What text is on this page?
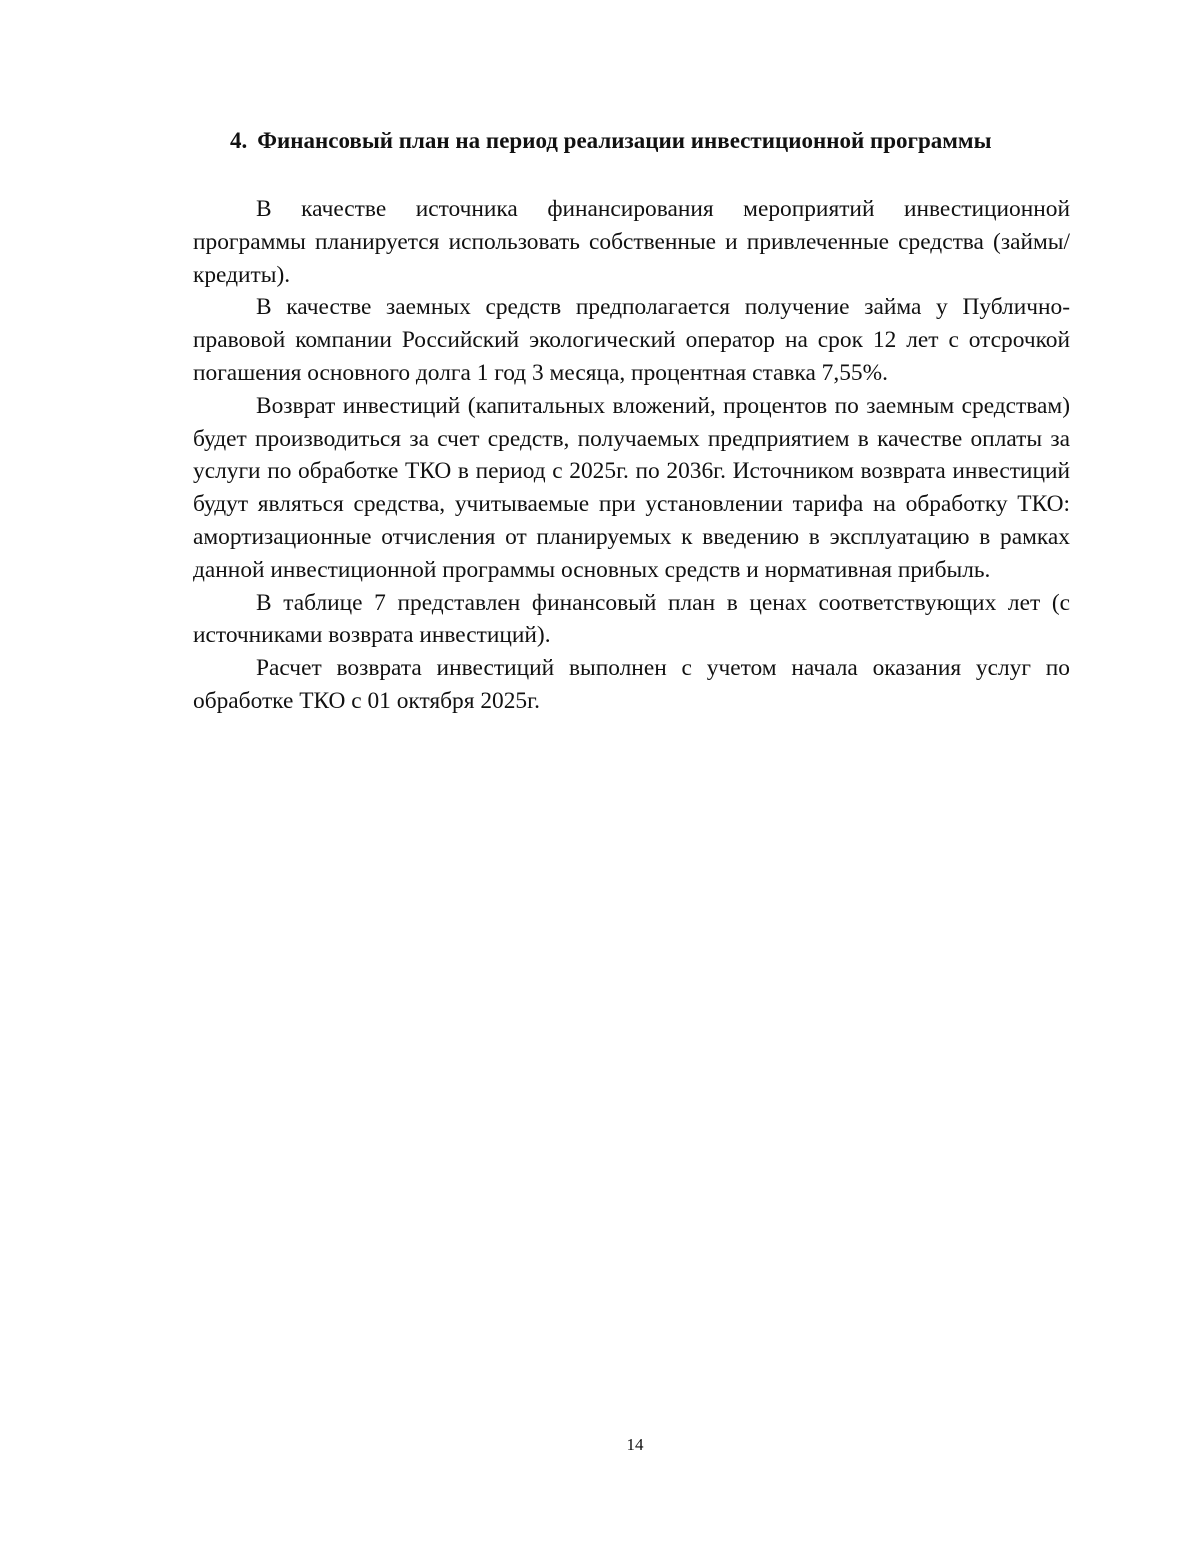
4. Финансовый план на период реализации инвестиционной программы

В качестве источника финансирования мероприятий инвестиционной программы планируется использовать собственные и привлеченные средства (займы/кредиты).

В качестве заемных средств предполагается получение займа у Публично-правовой компании Российский экологический оператор на срок 12 лет с отсрочкой погашения основного долга 1 год 3 месяца, процентная ставка 7,55%.

Возврат инвестиций (капитальных вложений, процентов по заемным средствам) будет производиться за счет средств, получаемых предприятием в качестве оплаты за услуги по обработке ТКО в период с 2025г. по 2036г. Источником возврата инвестиций будут являться средства, учитываемые при установлении тарифа на обработку ТКО: амортизационные отчисления от планируемых к введению в эксплуатацию в рамках данной инвестиционной программы основных средств и нормативная прибыль.

В таблице 7 представлен финансовый план в ценах соответствующих лет (с источниками возврата инвестиций).

Расчет возврата инвестиций выполнен с учетом начала оказания услуг по обработке ТКО с 01 октября 2025г.

14
